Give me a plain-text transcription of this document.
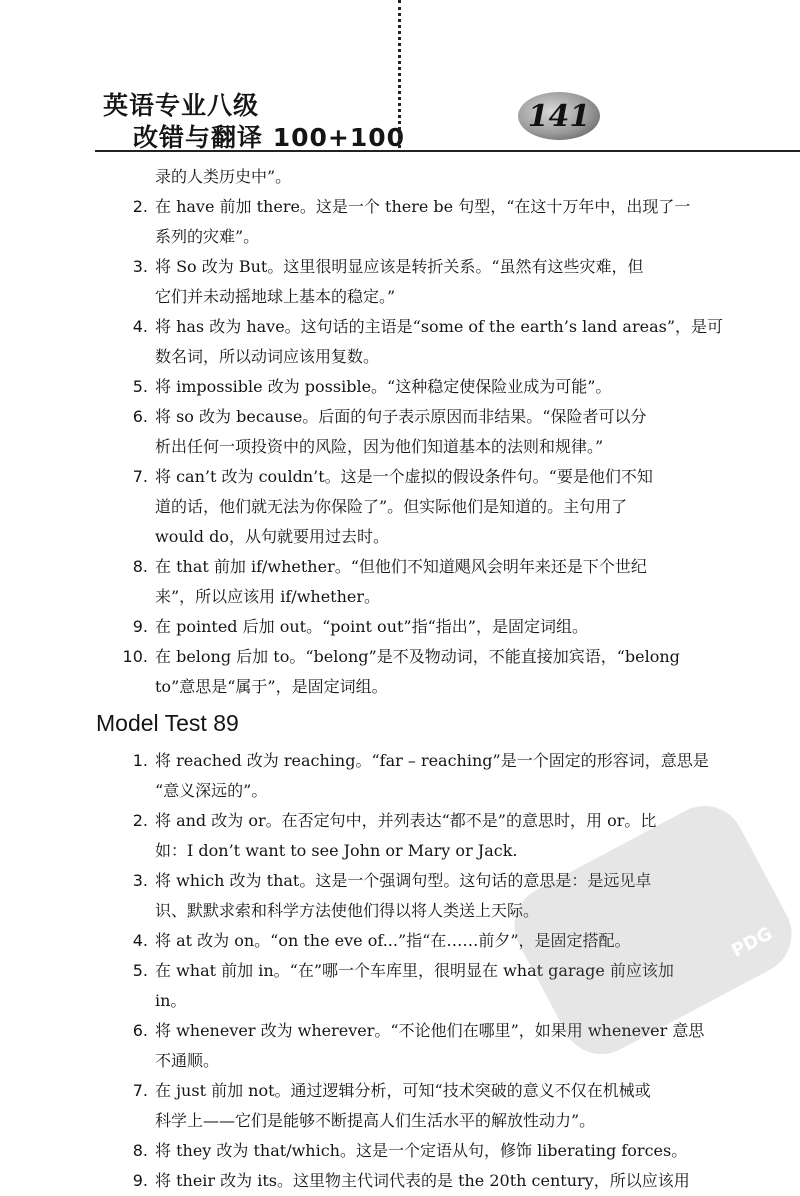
英语专业八级
改错与翻译 100+100
141
录的人类历史中”。
2. 在 have 前加 there。这是一个 there be 句型，“在这十万年中，出现了一
系列的灾难”。
3. 将 So 改为 But。这里很明显应该是转折关系。“虽然有这些灾难，但
它们并未动摇地球上基本的稳定。”
4. 将 has 改为 have。这句话的主语是“some of the earth’s land areas”，是可
数名词，所以动词应该用复数。
5. 将 impossible 改为 possible。“这种稳定使保险业成为可能”。
6. 将 so 改为 because。后面的句子表示原因而非结果。“保险者可以分
析出任何一项投资中的风险，因为他们知道基本的法则和规律。”
7. 将 can’t 改为 couldn’t。这是一个虚拟的假设条件句。“要是他们不知
道的话，他们就无法为你保险了”。但实际他们是知道的。主句用了
would do，从句就要用过去时。
8. 在 that 前加 if/whether。“但他们不知道飓风会明年来还是下个世纪
来”，所以应该用 if/whether。
9. 在 pointed 后加 out。“point out”指“指出”，是固定词组。
10. 在 belong 后加 to。“belong”是不及物动词，不能直接加宾语，“belong
to”意思是“属于”，是固定词组。
Model Test 89
1. 将 reached 改为 reaching。“far – reaching”是一个固定的形容词，意思是
“意义深远的”。
2. 将 and 改为 or。在否定句中，并列表达“都不是”的意思时，用 or。比
如：I don’t want to see John or Mary or Jack.
3. 将 which 改为 that。这是一个强调句型。这句话的意思是：是远见卓
识、默默求索和科学方法使他们得以将人类送上天际。
4. 将 at 改为 on。“on the eve of...”指“在……前夕”，是固定搭配。
5. 在 what 前加 in。“在”哪一个车库里，很明显在 what garage 前应该加
in。
6. 将 whenever 改为 wherever。“不论他们在哪里”，如果用 whenever 意思
不通顺。
7. 在 just 前加 not。通过逻辑分析，可知“技术突破的意义不仅在机械或
科学上——它们是能够不断提高人们生活水平的解放性动力”。
8. 将 they 改为 that/which。这是一个定语从句，修饰 liberating forces。
9. 将 their 改为 its。这里物主代词代表的是 the 20th century，所以应该用
PDG
